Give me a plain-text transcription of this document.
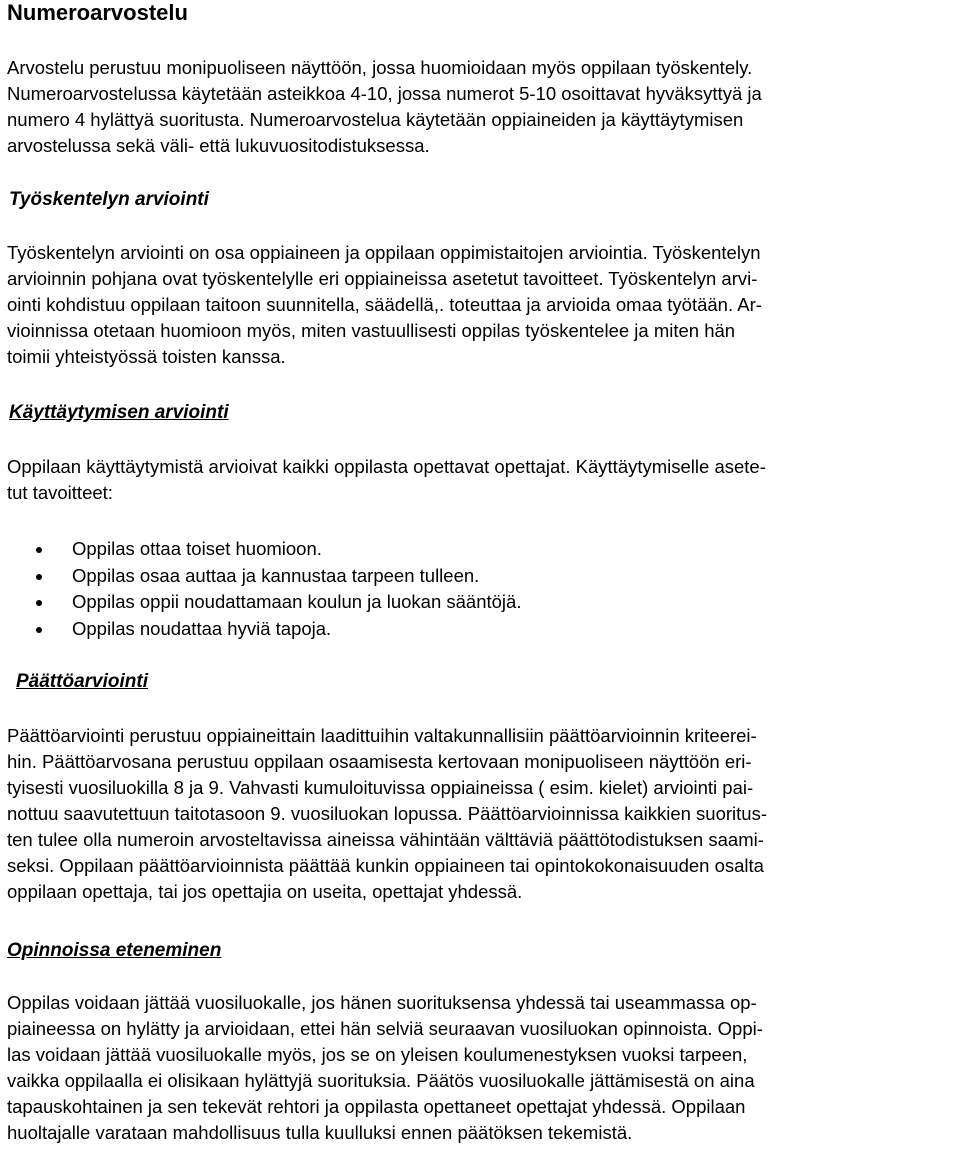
Numeroarvostelu
Arvostelu perustuu monipuoliseen näyttöön, jossa huomioidaan myös oppilaan työskentely.
Numeroarvostelussa käytetään asteikkoa 4-10, jossa numerot 5-10 osoittavat hyväksyttyä ja
numero 4 hylättyä suoritusta. Numeroarvostelua käytetään oppiaineiden ja käyttäytymisen
arvostelussa sekä väli- että lukuvuositodistuksessa.
Työskentelyn arviointi
Työskentelyn arviointi on osa oppiaineen ja oppilaan oppimistaitojen arviointia. Työskentelyn
arvioinnin pohjana ovat työskentelylle eri oppiaineissa asetetut tavoitteet. Työskentelyn arvi-
ointi kohdistuu oppilaan taitoon suunnitella, säädellä,. toteuttaa ja arvioida omaa työtään. Ar-
vioinnissa otetaan huomioon myös, miten vastuullisesti oppilas työskentelee ja miten hän
toimii yhteistyössä toisten kanssa.
Käyttäytymisen arviointi
Oppilaan käyttäytymistä arvioivat kaikki oppilasta opettavat opettajat. Käyttäytymiselle asete-
tut tavoitteet:
Oppilas ottaa toiset huomioon.
Oppilas osaa auttaa ja kannustaa tarpeen tulleen.
Oppilas oppii noudattamaan koulun ja luokan sääntöjä.
Oppilas noudattaa hyviä tapoja.
Päättöarviointi
Päättöarviointi perustuu oppiaineittain laadittuihin valtakunnallisiin päättöarvioinnin kriteerei-
hin. Päättöarvosana perustuu oppilaan osaamisesta kertovaan monipuoliseen näyttöön eri-
tyisesti vuosiluokilla 8 ja 9. Vahvasti kumuloituvissa oppiaineissa ( esim. kielet) arviointi pai-
nottuu saavutettuun taitotasoon 9. vuosiluokan lopussa. Päättöarvioinnissa kaikkien suoritus-
ten tulee olla numeroin arvosteltavissa aineissa vähintään välttäviä päättötodistuksen saami-
seksi. Oppilaan päättöarvioinnista päättää kunkin oppiaineen tai opintokokonaisuuden osalta
oppilaan opettaja, tai jos opettajia on useita, opettajat yhdessä.
Opinnoissa eteneminen
Oppilas voidaan jättää vuosiluokalle, jos hänen suorituksensa yhdessä tai useammassa op-
piaineessa on hylätty ja arvioidaan, ettei hän selviä seuraavan vuosiluokan opinnoista. Oppi-
las voidaan jättää vuosiluokalle myös, jos se on yleisen koulumenestyksen vuoksi tarpeen,
vaikka oppilaalla ei olisikaan hylättyjä suorituksia. Päätös vuosiluokalle jättämisestä on aina
tapauskohtainen ja sen tekevät rehtori ja oppilasta opettaneet opettajat yhdessä. Oppilaan
huoltajalle varataan mahdollisuus tulla kuulluksi ennen päätöksen tekemistä.
